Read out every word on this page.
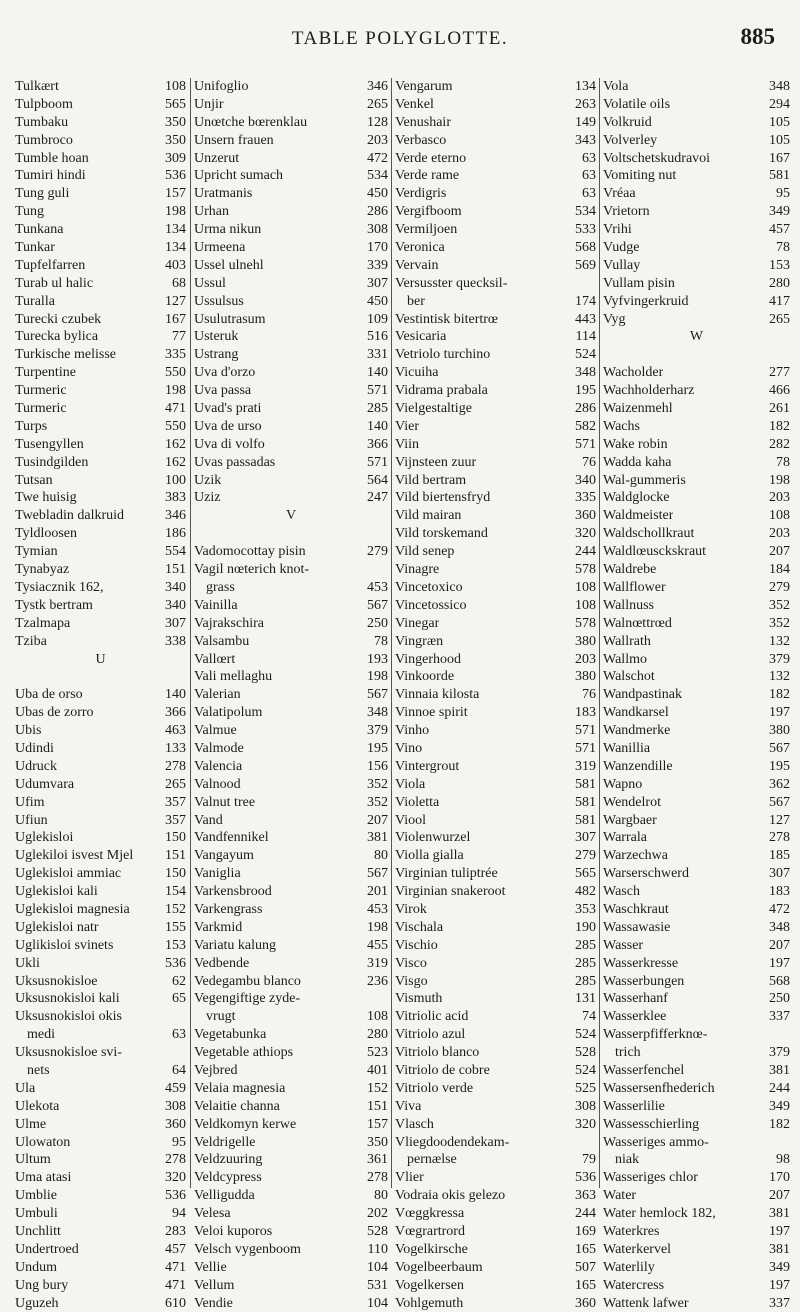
TABLE POLYGLOTTE.	885
Tulkært	108
Tulpboom	565
Tumbaku	350
Tumbroco	350
Tumble hoan	309
Tumiri hindi	536
Tung guli	157
Tung	198
Tunkana	134
Tunkar	134
Tupfelfarren	403
Turab ul halic	68
Turalla	127
Turecki czubek	167
Turecka bylica	77
Turkische melisse	335
Turpentine	550
Turmeric	198
Turmeric	471
Turps	550
Tusengyllen	162
Tusindgilden	162
Tutsan	100
Twe huisig	383
Twebladin dalkruid	346
Tyldloosen	186
Tymian	554
Tynabyaz	151
Tysiacznik 162,	340
Tystk bertram	340
Tzalmapa	307
Tziba	338
U
Uba de orso	140
Ubas de zorro	366
Ubis	463
Udindi	133
Udruck	278
Udumvara	265
Ufim	357
Ufiun	357
Uglekisloi	150
Uglekiloi isvest Mjel 151
Uglekisloi ammiac	150
Uglekisloi kali	154
Uglekisloi magnesia	152
Uglekisloi natr	155
Uglikisloi svinets	153
Ukli	536
Uksusnokisloe	62
Uksusnokisloi kali	65
Uksusnokisloi okis
medi	63
Uksusnokisloe svi-
nets	64
Ula	459
Ulekota	308
Ulme	360
Ulowaton	95
Ultum	278
Uma atasi	320
Umblie	536
Umbuli	94
Unchlitt	283
Undertroed	457
Undum	471
Ung bury	471
Uguzeh	610
Unifoglio	346
Unjir	265
Unœtche bœrenklau	128
Unsern frauen	203
Unzerut	472
Upricht sumach	534
Uratmanis	450
Urhan	286
Urma nikun	308
Urmeena	170
Ussel ulnehl	339
Ussul	307
Ussulsus	450
Usulutrasum	109
Usteruk	516
Ustrang	331
Uva d'orzo	140
Uva passa	571
Uvad's prati	285
Uva de urso	140
Uva di volfo	366
Uvas passadas	571
Uzik	564
Uziz	247
V
Vadomocottay pisin	279
Vagil nœterich knot-
grass	453
Vainilla	567
Vajrakschira	250
Valsambu	78
Vallœrt	193
Vali mellaghu	198
Valerian	567
Valatipolum	348
Valmue	379
Valmode	195
Valencia	156
Valnood	352
Valnut tree	352
Vand	207
Vandfennikel	381
Vangayum	80
Vaniglia	567
Varkensbrood	201
Varkengrass	453
Varkmid	198
Variatu kalung	455
Vedbende	319
Vedegambu blanco	236
Vegengiftige zyde-
vrugt	108
Vegetabunka	280
Vegetable athiops	523
Vejbred	401
Velaia magnesia	152
Velaitie channa	151
Veldkomyn kerwe	157
Veldrigelle	350
Veldzuuring	361
Veldcypress	278
Velligudda	80
Velesa	202
Veloi kuporos	528
Velsch vygenboom	110
Vellie	104
Vellum	531
Vendie	104
Vengarum	134
Venkel	263
Venushair	149
Verbasco	343
Verde eterno	63
Verde rame	63
Verdigris	63
Vergifboom	534
Vermiljoen	533
Veronica	568
Vervain	569
Versusster quecksil-
ber	174
Vestintisk bitertrœ	443
Vesicaria	114
Vetriolo turchino	524
Vicuiha	348
Vidrama prabala	195
Vielgestaltige	286
Vier	582
Viin	571
Vijnsteen zuur	76
Vild bertram	340
Vild biertensfryd	335
Vild mairan	360
Vild torskemand	320
Vild senep	244
Vinagre	578
Vincetoxico	108
Vincetossico	108
Vinegar	578
Vingræn	380
Vingerhood	203
Vinkoorde	380
Vinnaia kilosta	76
Vinnoe spirit	183
Vinho	571
Vino	571
Vintergrout	319
Viola	581
Violetta	581
Viool	581
Violenwurzel	307
Violla gialla	279
Virginian tuliptrée	565
Virginian snakeroot	482
Virok	353
Vischala	190
Vischio	285
Visco	285
Visgo	285
Vismuth	131
Vitriolic acid	74
Vitriolo azul	524
Vitriolo blanco	528
Vitriolo de cobre	524
Vitriolo verde	525
Viva	308
Vlasch	320
Vliegdoodendekam-
pernælse	79
Vlier	536
Vodraia okis gelezo	363
Vœggkressa	244
Vœgrartrord	169
Vogelkirsche	165
Vogelbeerbaum	507
Vogelkersen	165
Vohlgemuth	360
Vola	348
Volatile oils	294
Volkruid	105
Volverley	105
Voltschetskudravoi	167
Vomiting nut	581
Vréaa	95
Vrietorn	349
Vrihi	457
Vudge	78
Vullay	153
Vullam pisin	280
Vyfvingerkruid	417
Vyg	265
W
Wacholder	277
Wachholderharz	466
Waizenmehl	261
Wachs	182
Wake robin	282
Wadda kaha	78
Wal-gummeris	198
Waldglocke	203
Waldmeister	108
Waldschollkraut	203
Waldlœusckskraut	207
Waldrebe	184
Wallflower	279
Wallnuss	352
Walnœttrœd	352
Wallrath	132
Wallmo	379
Walschot	132
Wandpastinak	182
Wandkarsel	197
Wandmerke	380
Wanillia	567
Wanzendille	195
Wapno	362
Wendelrot	567
Wargbaer	127
Warrala	278
Warzechwa	185
Warserschwerd	307
Wasch	183
Waschkraut	472
Wassawasie	348
Wasser	207
Wasserkresse	197
Wasserbungen	568
Wasserhanf	250
Wasserklee	337
Wasserpfifferknœ-
trich	379
Wasserfenchel	381
Wassersenfhederich	244
Wasserlilie	349
Wassesschierling	182
Wasseriges ammo-
niak	98
Wasseriges chlor	170
Water	207
Water hemlock 182,	381
Waterkres	197
Waterkervel	381
Waterlily	349
Watercress	197
Wattenk lafwer	337
